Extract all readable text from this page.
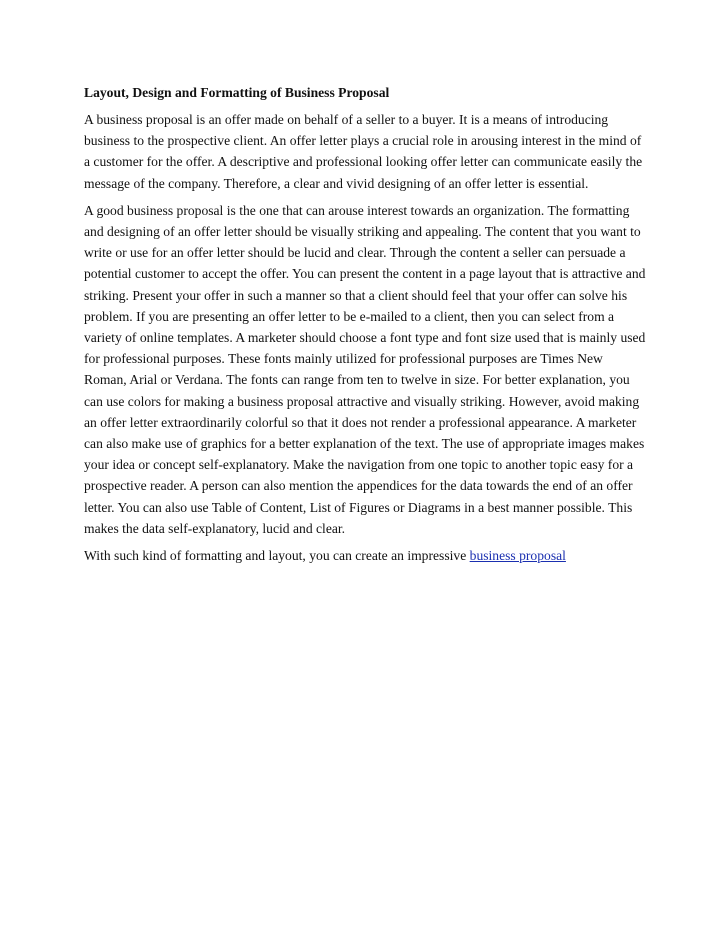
Layout, Design and Formatting of Business Proposal

A business proposal is an offer made on behalf of a seller to a buyer. It is a means of introducing business to the prospective client. An offer letter plays a crucial role in arousing interest in the mind of a customer for the offer. A descriptive and professional looking offer letter can communicate easily the message of the company. Therefore, a clear and vivid designing of an offer letter is essential.

A good business proposal is the one that can arouse interest towards an organization. The formatting and designing of an offer letter should be visually striking and appealing. The content that you want to write or use for an offer letter should be lucid and clear. Through the content a seller can persuade a potential customer to accept the offer. You can present the content in a page layout that is attractive and striking. Present your offer in such a manner so that a client should feel that your offer can solve his problem. If you are presenting an offer letter to be e-mailed to a client, then you can select from a variety of online templates. A marketer should choose a font type and font size used that is mainly used for professional purposes. These fonts mainly utilized for professional purposes are Times New Roman, Arial or Verdana. The fonts can range from ten to twelve in size. For better explanation, you can use colors for making a business proposal attractive and visually striking. However, avoid making an offer letter extraordinarily colorful so that it does not render a professional appearance. A marketer can also make use of graphics for a better explanation of the text. The use of appropriate images makes your idea or concept self-explanatory. Make the navigation from one topic to another topic easy for a prospective reader. A person can also mention the appendices for the data towards the end of an offer letter. You can also use Table of Content, List of Figures or Diagrams in a best manner possible. This makes the data self-explanatory, lucid and clear.

With such kind of formatting and layout, you can create an impressive business proposal
